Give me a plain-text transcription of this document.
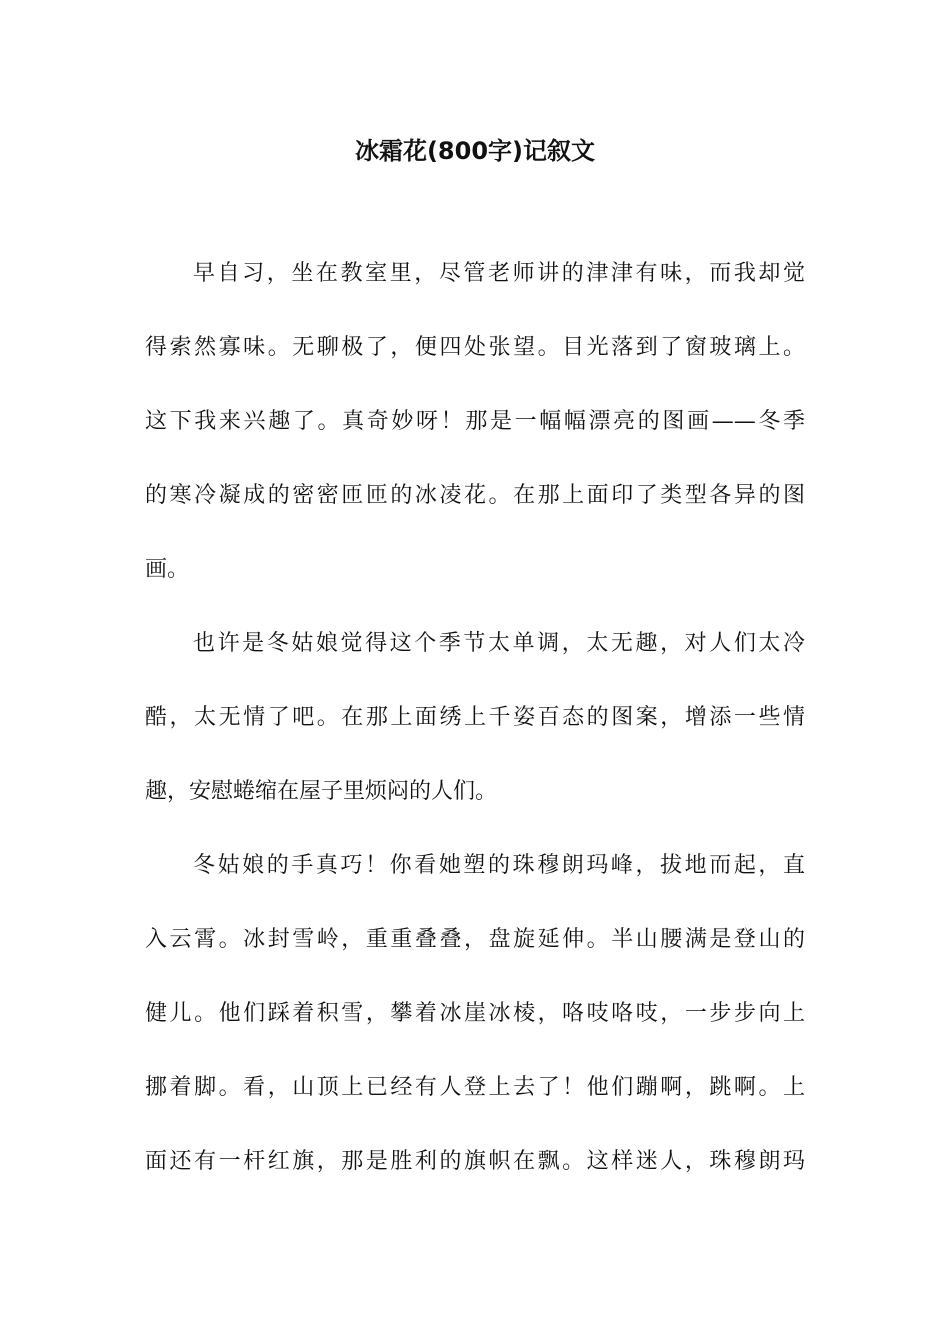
冰霜花(800字)记叙文
早自习，坐在教室里，尽管老师讲的津津有味，而我却觉
得索然寡味。无聊极了，便四处张望。目光落到了窗玻璃上。
这下我来兴趣了。真奇妙呀！那是一幅幅漂亮的图画——冬季
的寒冷凝成的密密匝匝的冰凌花。在那上面印了类型各异的图
画。
也许是冬姑娘觉得这个季节太单调，太无趣，对人们太冷
酷，太无情了吧。在那上面绣上千姿百态的图案，增添一些情
趣，安慰蜷缩在屋子里烦闷的人们。
冬姑娘的手真巧！你看她塑的珠穆朗玛峰，拔地而起，直
入云霄。冰封雪岭，重重叠叠，盘旋延伸。半山腰满是登山的
健儿。他们踩着积雪，攀着冰崖冰棱，咯吱咯吱，一步步向上
挪着脚。看，山顶上已经有人登上去了！他们蹦啊，跳啊。上
面还有一杆红旗，那是胜利的旗帜在飘。这样迷人，珠穆朗玛
